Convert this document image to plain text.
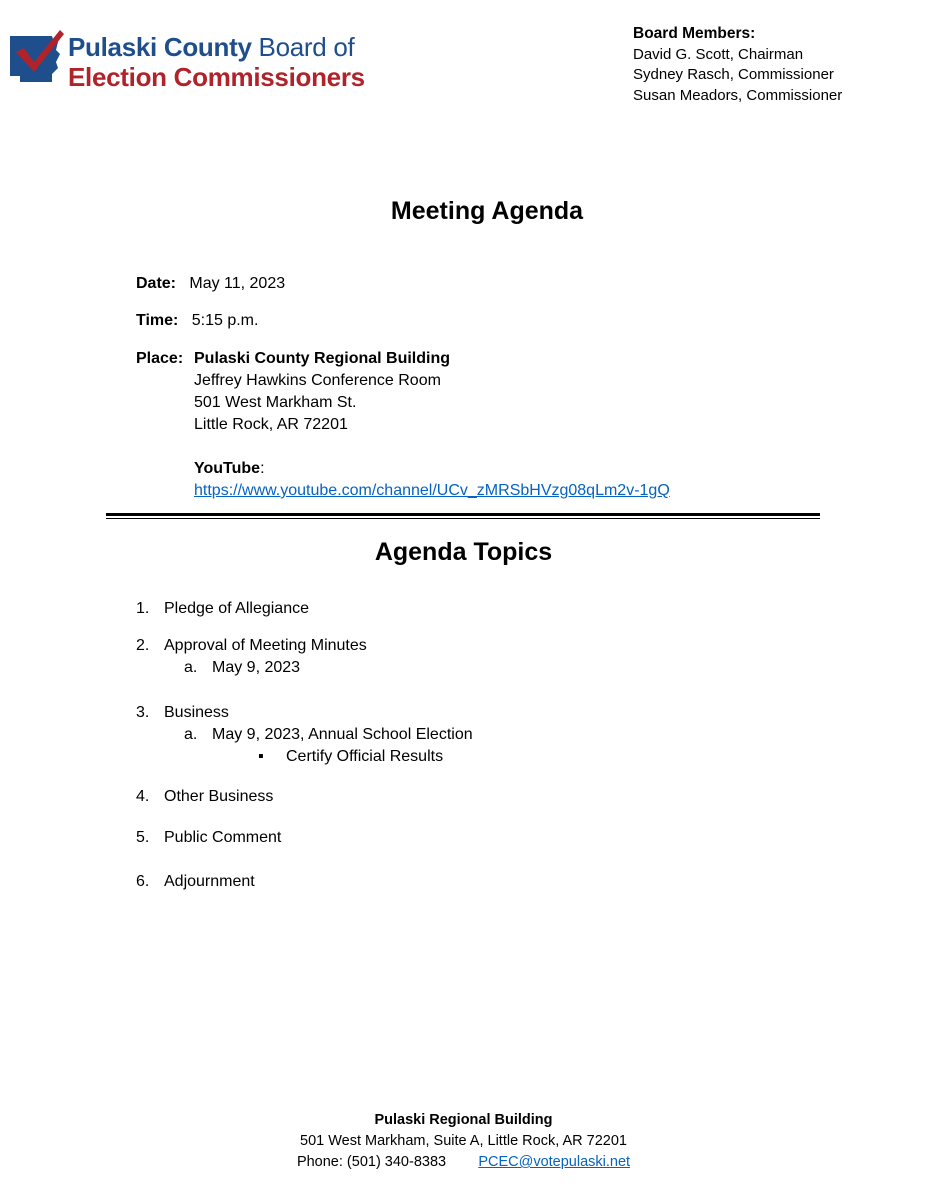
Pulaski County Board of
Election Commissioners
Board Members:
David G. Scott, Chairman
Sydney Rasch, Commissioner
Susan Meadors, Commissioner
Meeting Agenda
Date: May 11, 2023
Time: 5:15 p.m.
Place: Pulaski County Regional Building
Jeffrey Hawkins Conference Room
501 West Markham St.
Little Rock, AR 72201
YouTube:
https://www.youtube.com/channel/UCv_zMRSbHVzg08qLm2v-1gQ
Agenda Topics
1. Pledge of Allegiance
2. Approval of Meeting Minutes
a. May 9, 2023
3. Business
a. May 9, 2023, Annual School Election
▪ Certify Official Results
4. Other Business
5. Public Comment
6. Adjournment
Pulaski Regional Building
501 West Markham, Suite A, Little Rock, AR 72201
Phone: (501) 340-8383 PCEC@votepulaski.net
